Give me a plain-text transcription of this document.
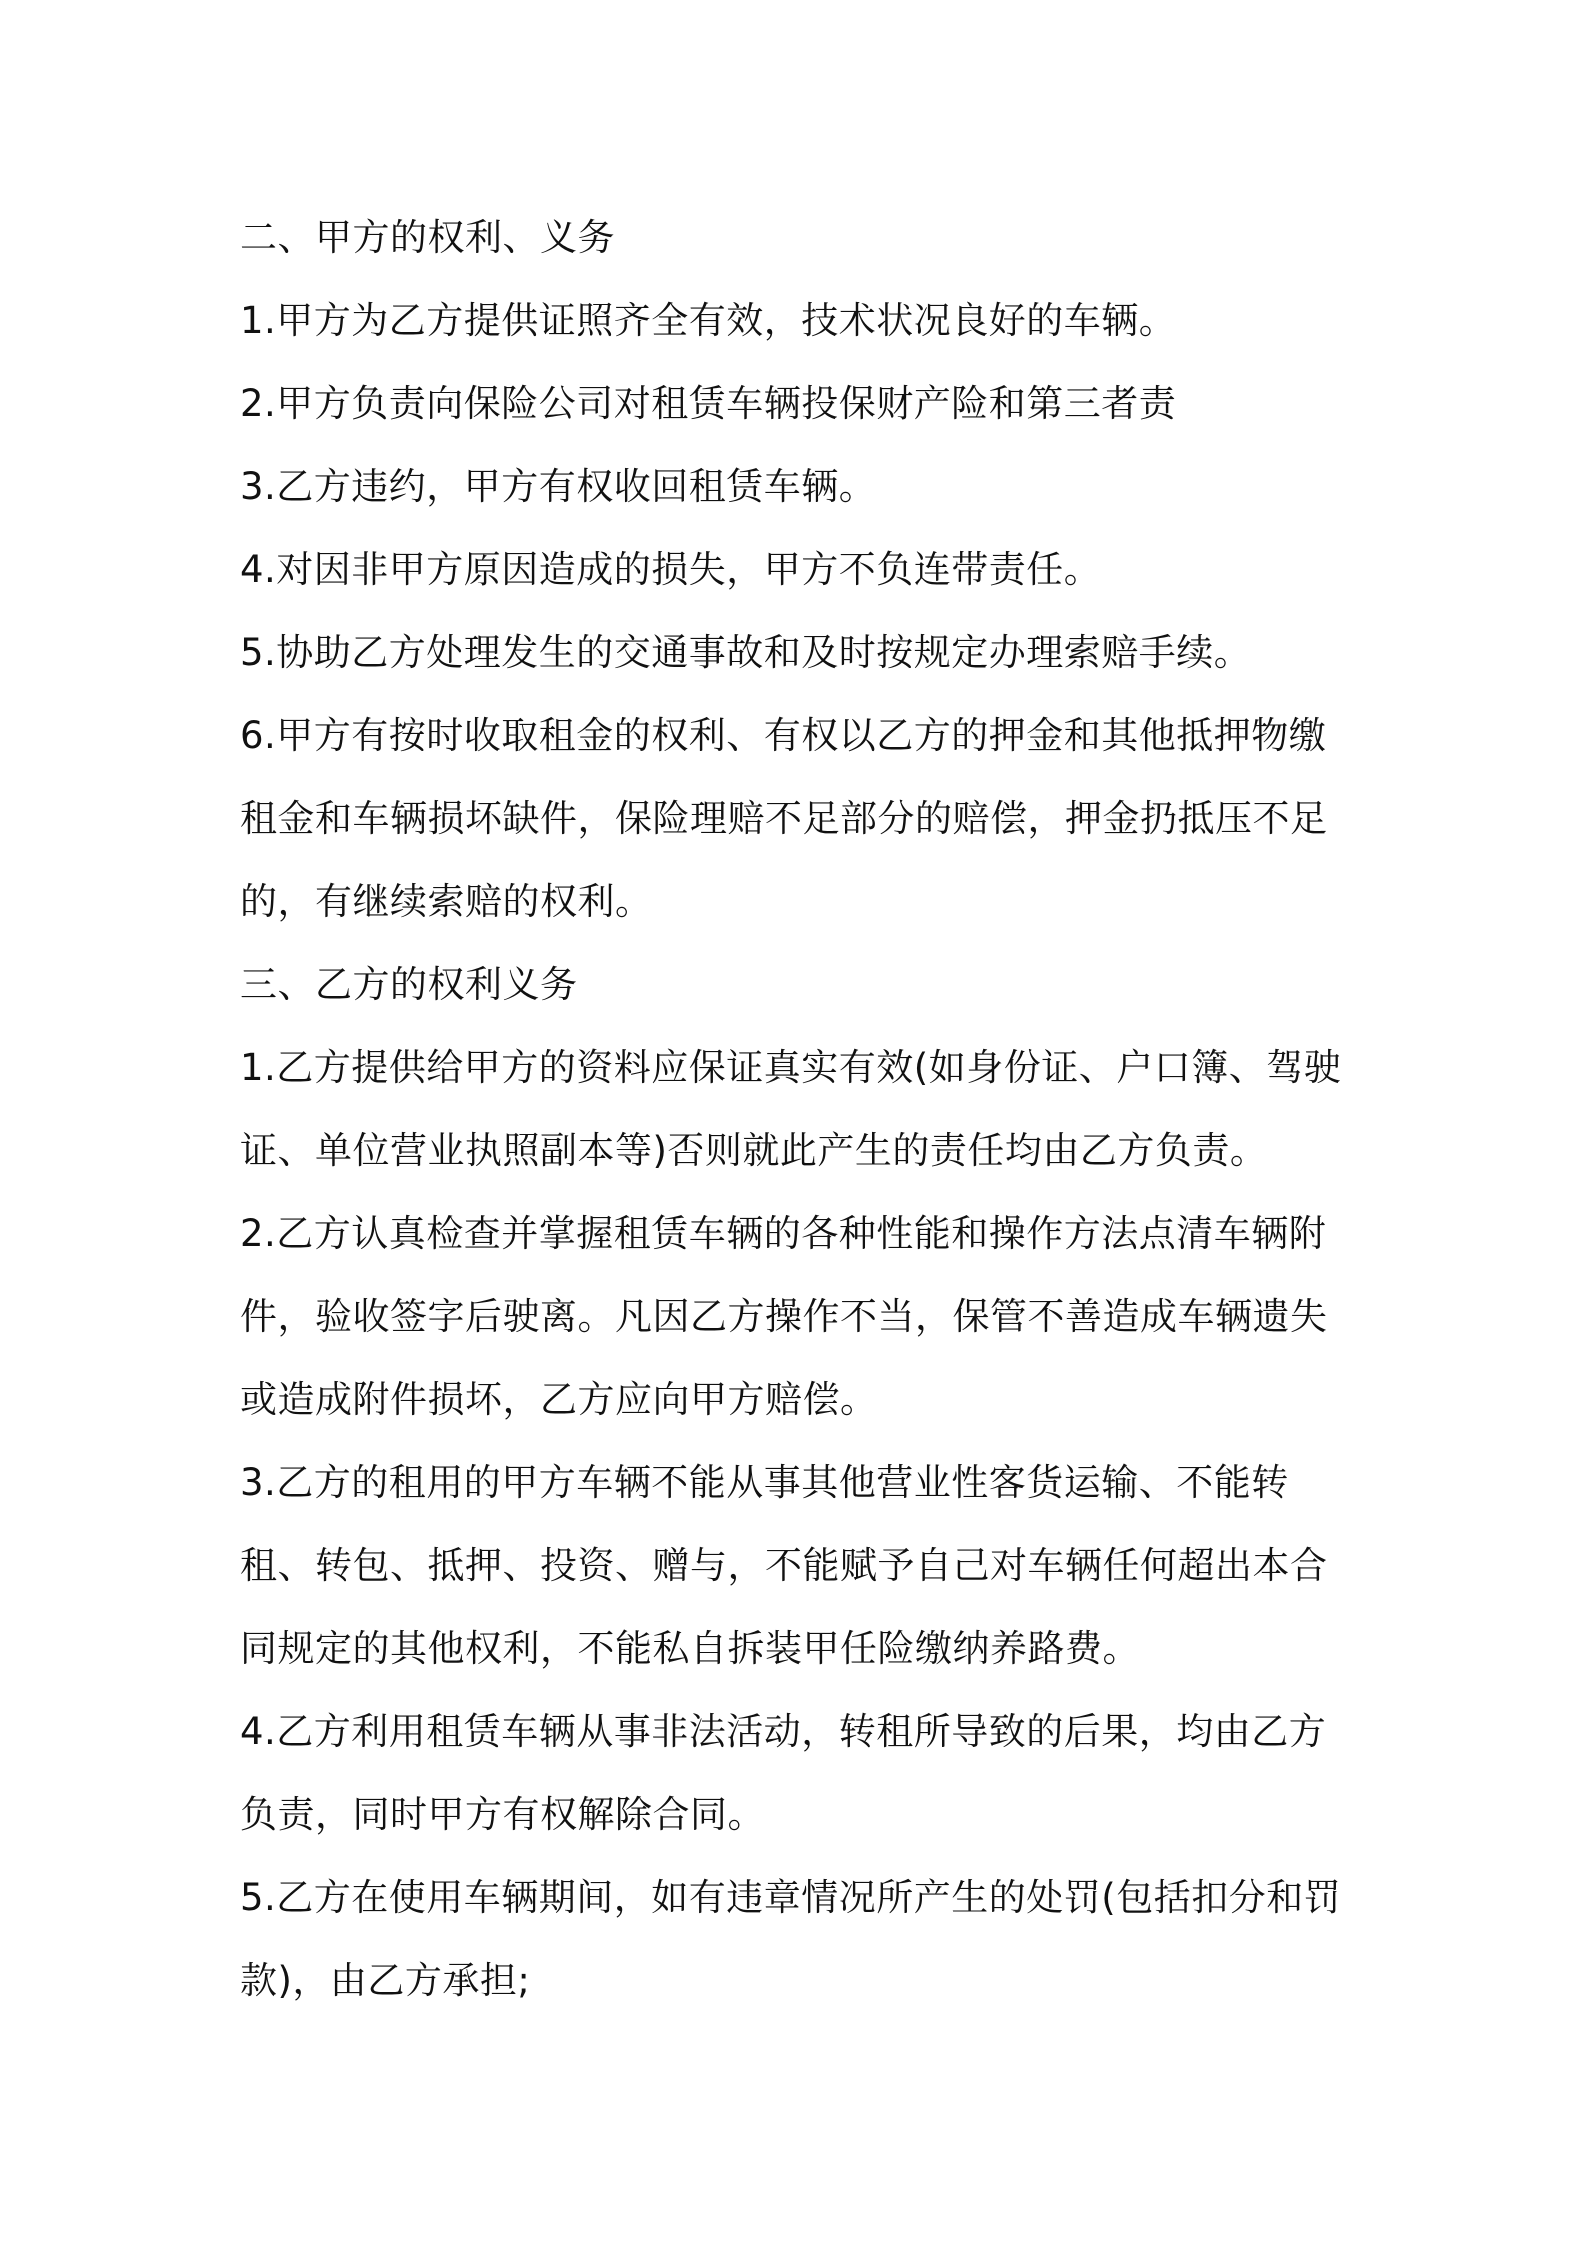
二、甲方的权利、义务

1.甲方为乙方提供证照齐全有效，技术状况良好的车辆。

2.甲方负责向保险公司对租赁车辆投保财产险和第三者责

3.乙方违约，甲方有权收回租赁车辆。

4.对因非甲方原因造成的损失，甲方不负连带责任。

5.协助乙方处理发生的交通事故和及时按规定办理索赔手续。

6.甲方有按时收取租金的权利、有权以乙方的押金和其他抵押物缴租金和车辆损坏缺件，保险理赔不足部分的赔偿，押金扔抵压不足的，有继续索赔的权利。

三、乙方的权利义务

1.乙方提供给甲方的资料应保证真实有效(如身份证、户口簿、驾驶证、单位营业执照副本等)否则就此产生的责任均由乙方负责。

2.乙方认真检查并掌握租赁车辆的各种性能和操作方法点清车辆附件，验收签字后驶离。凡因乙方操作不当，保管不善造成车辆遗失或造成附件损坏，乙方应向甲方赔偿。

3.乙方的租用的甲方车辆不能从事其他营业性客货运输、不能转租、转包、抵押、投资、赠与，不能赋予自己对车辆任何超出本合同规定的其他权利，不能私自拆装甲任险缴纳养路费。

4.乙方利用租赁车辆从事非法活动，转租所导致的后果，均由乙方负责，同时甲方有权解除合同。

5.乙方在使用车辆期间，如有违章情况所产生的处罚(包括扣分和罚款)，由乙方承担;
